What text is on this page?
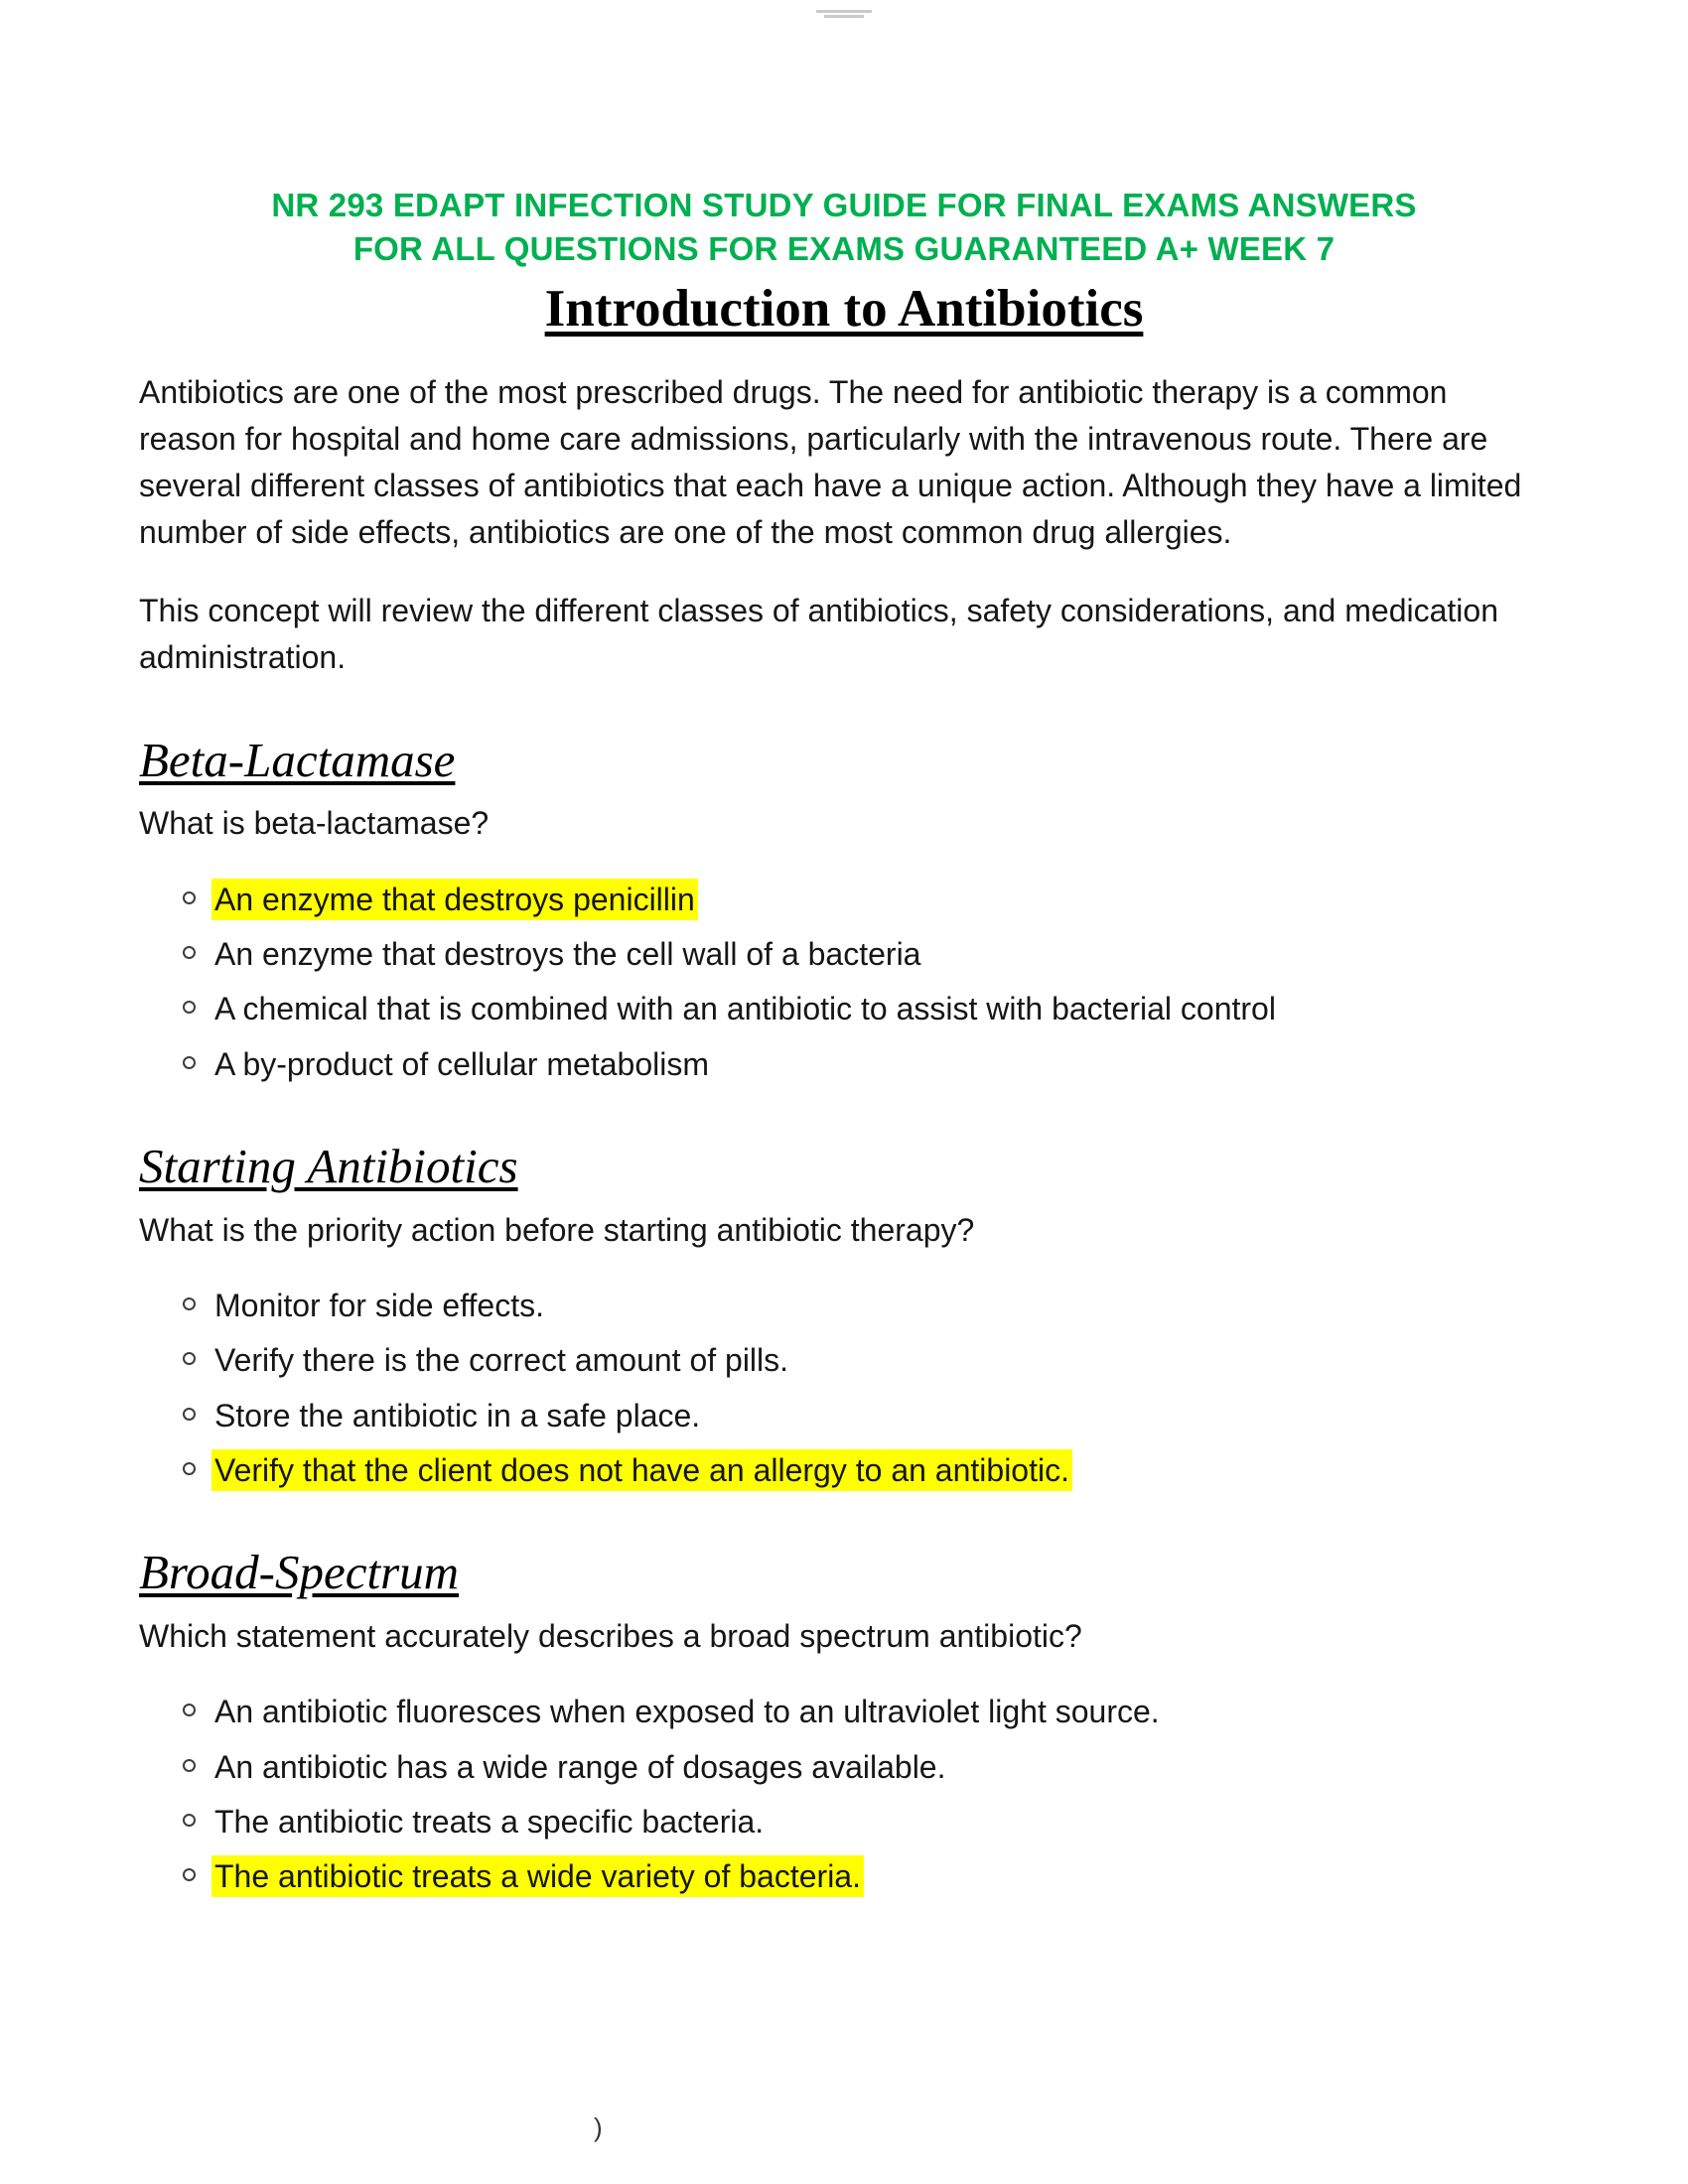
NR 293 EDAPT INFECTION STUDY GUIDE FOR FINAL EXAMS ANSWERS
FOR ALL QUESTIONS FOR EXAMS GUARANTEED A+ WEEK 7
Introduction to Antibiotics

Antibiotics are one of the most prescribed drugs. The need for antibiotic therapy is a common reason for hospital and home care admissions, particularly with the intravenous route. There are several different classes of antibiotics that each have a unique action. Although they have a limited number of side effects, antibiotics are one of the most common drug allergies.

This concept will review the different classes of antibiotics, safety considerations, and medication administration.

Beta-Lactamase

What is beta-lactamase?

An enzyme that destroys penicillin
An enzyme that destroys the cell wall of a bacteria
A chemical that is combined with an antibiotic to assist with bacterial control
A by-product of cellular metabolism
Starting Antibiotics

What is the priority action before starting antibiotic therapy?

Monitor for side effects.
Verify there is the correct amount of pills.
Store the antibiotic in a safe place.
Verify that the client does not have an allergy to an antibiotic.
Broad-Spectrum

Which statement accurately describes a broad spectrum antibiotic?

An antibiotic fluoresces when exposed to an ultraviolet light source.
An antibiotic has a wide range of dosages available.
The antibiotic treats a specific bacteria.
The antibiotic treats a wide variety of bacteria.
)
